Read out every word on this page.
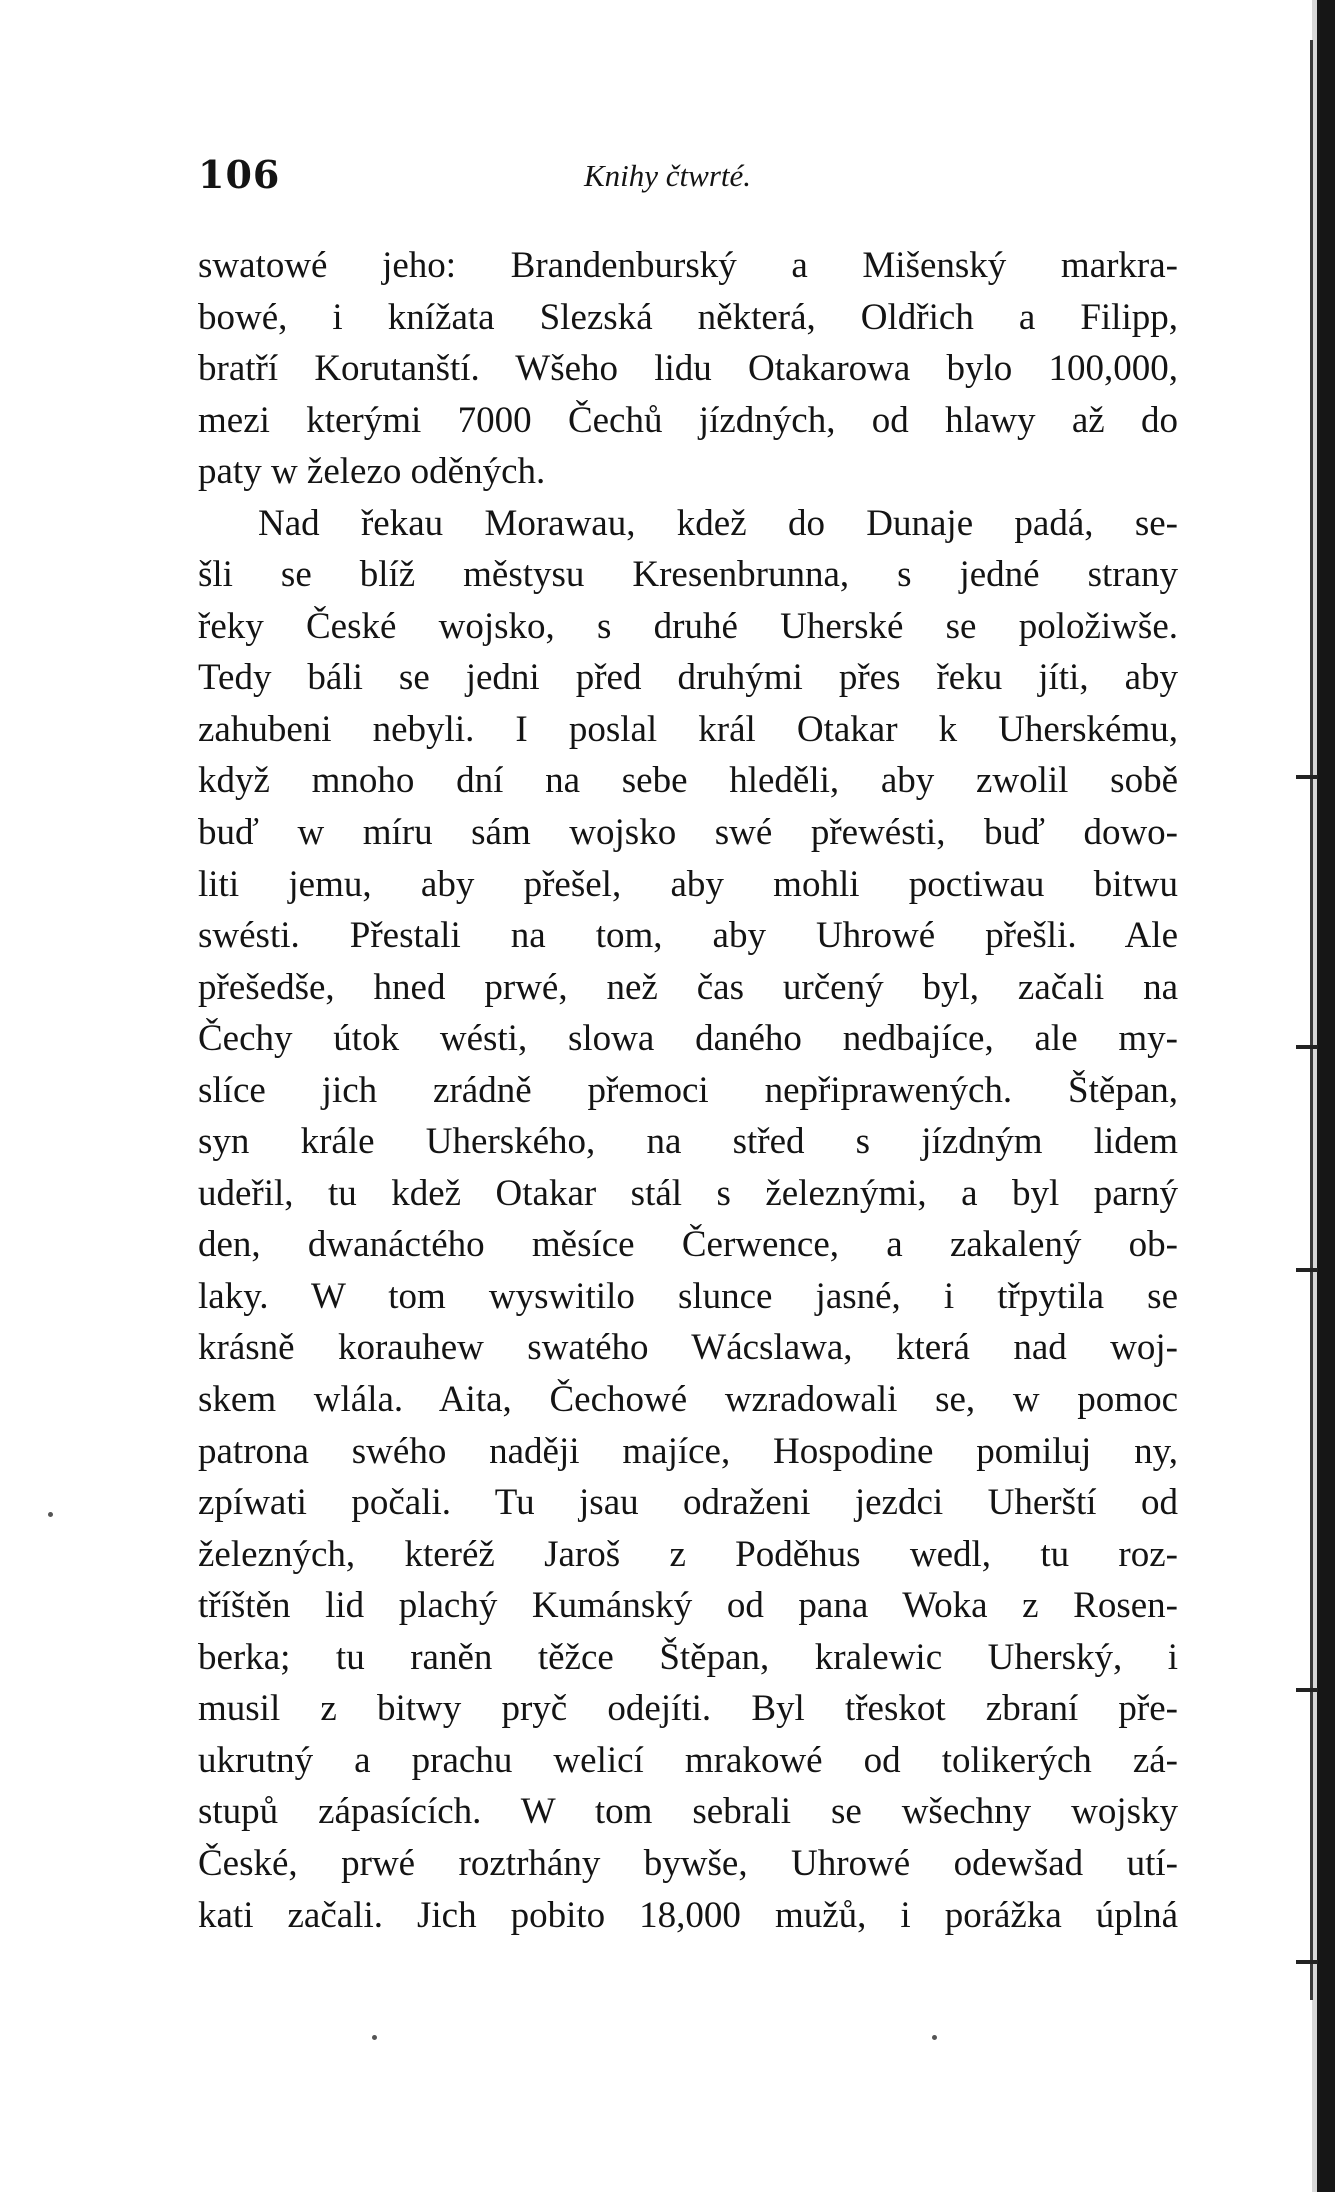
106	Knihy čtwrté.
swatowé jeho: Brandenburský a Mišenský markra-
bowé, i knížata Slezská některá, Oldřich a Filipp,
bratří Korutanští. Wšeho lidu Otakarowa bylo 100,000,
mezi kterými 7000 Čechů jízdných, od hlawy až do
paty w železo oděných.
Nad řekau Morawau, kdež do Dunaje padá, se-
šli se blíž městysu Kresenbrunna, s jedné strany
řeky České wojsko, s druhé Uherské se položiwše.
Tedy báli se jedni před druhými přes řeku jíti, aby
zahubeni nebyli. I poslal král Otakar k Uherskému,
když mnoho dní na sebe hleděli, aby zwolil sobě
buď w míru sám wojsko swé přewésti, buď dowo-
liti jemu, aby přešel, aby mohli poctiwau bitwu
swésti. Přestali na tom, aby Uhrowé přešli. Ale
přešedše, hned prwé, než čas určený byl, začali na
Čechy útok wésti, slowa daného nedbajíce, ale my-
slíce jich zrádně přemoci nepřiprawených. Štěpan,
syn krále Uherského, na střed s jízdným lidem
udeřil, tu kdež Otakar stál s železnými, a byl parný
den, dwanáctého měsíce Čerwence, a zakalený ob-
laky. W tom wyswitilo slunce jasné, i třpytila se
krásně korauhew swatého Wácslawa, která nad woj-
skem wlála. Aita, Čechowé wzradowali se, w pomoc
patrona swého naději majíce, Hospodine pomiluj ny,
zpíwati počali. Tu jsau odraženi jezdci Uherští od
železných, kteréž Jaroš z Poděhus wedl, tu roz-
tříštěn lid plachý Kumánský od pana Woka z Rosen-
berka; tu raněn těžce Štěpan, kralewic Uherský, i
musil z bitwy pryč odejíti. Byl třeskot zbraní pře-
ukrutný a prachu welicí mrakowé od tolikerých zá-
stupů zápasících. W tom sebrali se wšechny wojsky
České, prwé roztrhány bywše, Uhrowé odewšad utí-
kati začali. Jich pobito 18,000 mužů, i porážka úplná
